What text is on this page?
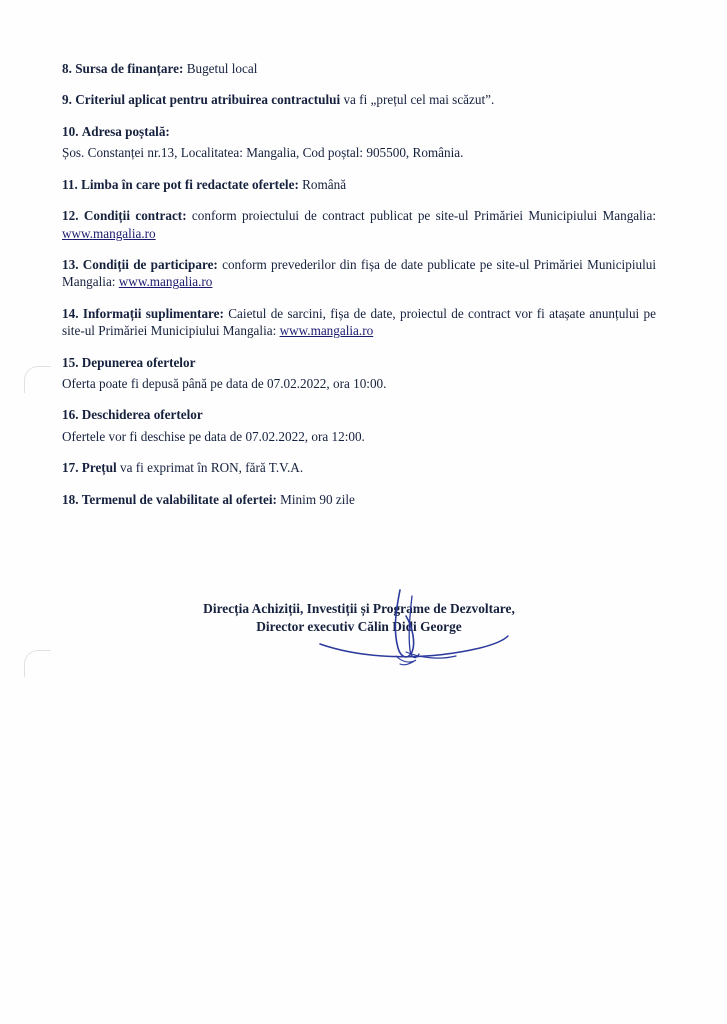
8. Sursa de finanțare: Bugetul local

9. Criteriul aplicat pentru atribuirea contractului va fi „prețul cel mai scăzut”.

10. Adresa poștală:

Șos. Constanței nr.13, Localitatea: Mangalia, Cod poștal: 905500, România.

11. Limba în care pot fi redactate ofertele: Română

12. Condiții contract: conform proiectului de contract publicat pe site-ul Primăriei Municipiului Mangalia: www.mangalia.ro

13. Condiții de participare: conform prevederilor din fișa de date publicate pe site-ul Primăriei Municipiului Mangalia: www.mangalia.ro

14. Informații suplimentare: Caietul de sarcini, fișa de date, proiectul de contract vor fi atașate anunțului pe site-ul Primăriei Municipiului Mangalia: www.mangalia.ro

15. Depunerea ofertelor

Oferta poate fi depusă până pe data de 07.02.2022, ora 10:00.

16. Deschiderea ofertelor

Ofertele vor fi deschise pe data de 07.02.2022, ora 12:00.

17. Prețul va fi exprimat în RON, fără T.V.A.

18. Termenul de valabilitate al ofertei: Minim 90 zile

Direcția Achiziții, Investiții și Programe de Dezvoltare,
Director executiv Călin Didi George
